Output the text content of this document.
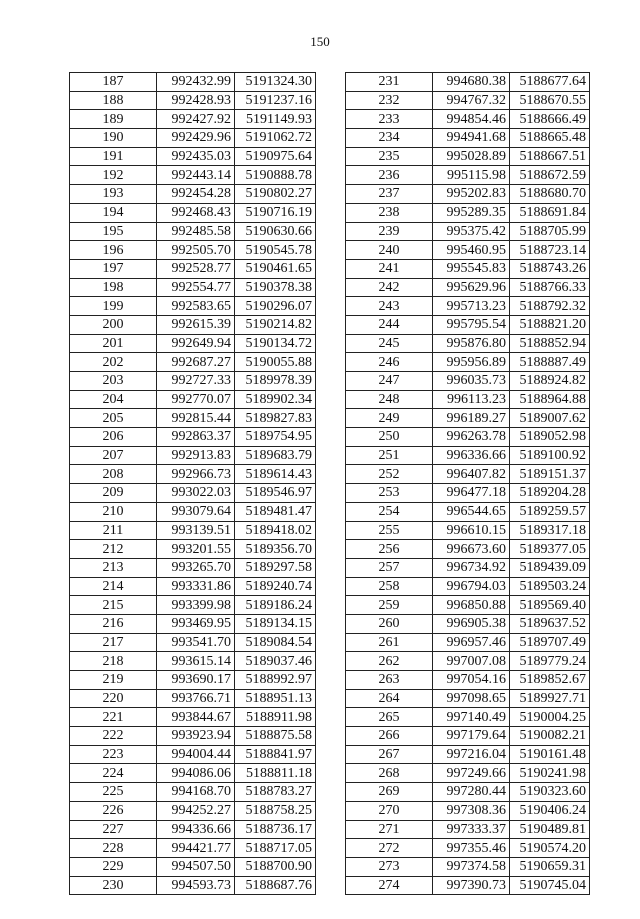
150
187	992432.99	5191324.30
188	992428.93	5191237.16
189	992427.92	5191149.93
190	992429.96	5191062.72
191	992435.03	5190975.64
192	992443.14	5190888.78
193	992454.28	5190802.27
194	992468.43	5190716.19
195	992485.58	5190630.66
196	992505.70	5190545.78
197	992528.77	5190461.65
198	992554.77	5190378.38
199	992583.65	5190296.07
200	992615.39	5190214.82
201	992649.94	5190134.72
202	992687.27	5190055.88
203	992727.33	5189978.39
204	992770.07	5189902.34
205	992815.44	5189827.83
206	992863.37	5189754.95
207	992913.83	5189683.79
208	992966.73	5189614.43
209	993022.03	5189546.97
210	993079.64	5189481.47
211	993139.51	5189418.02
212	993201.55	5189356.70
213	993265.70	5189297.58
214	993331.86	5189240.74
215	993399.98	5189186.24
216	993469.95	5189134.15
217	993541.70	5189084.54
218	993615.14	5189037.46
219	993690.17	5188992.97
220	993766.71	5188951.13
221	993844.67	5188911.98
222	993923.94	5188875.58
223	994004.44	5188841.97
224	994086.06	5188811.18
225	994168.70	5188783.27
226	994252.27	5188758.25
227	994336.66	5188736.17
228	994421.77	5188717.05
229	994507.50	5188700.90
230	994593.73	5188687.76
231	994680.38	5188677.64
232	994767.32	5188670.55
233	994854.46	5188666.49
234	994941.68	5188665.48
235	995028.89	5188667.51
236	995115.98	5188672.59
237	995202.83	5188680.70
238	995289.35	5188691.84
239	995375.42	5188705.99
240	995460.95	5188723.14
241	995545.83	5188743.26
242	995629.96	5188766.33
243	995713.23	5188792.32
244	995795.54	5188821.20
245	995876.80	5188852.94
246	995956.89	5188887.49
247	996035.73	5188924.82
248	996113.23	5188964.88
249	996189.27	5189007.62
250	996263.78	5189052.98
251	996336.66	5189100.92
252	996407.82	5189151.37
253	996477.18	5189204.28
254	996544.65	5189259.57
255	996610.15	5189317.18
256	996673.60	5189377.05
257	996734.92	5189439.09
258	996794.03	5189503.24
259	996850.88	5189569.40
260	996905.38	5189637.52
261	996957.46	5189707.49
262	997007.08	5189779.24
263	997054.16	5189852.67
264	997098.65	5189927.71
265	997140.49	5190004.25
266	997179.64	5190082.21
267	997216.04	5190161.48
268	997249.66	5190241.98
269	997280.44	5190323.60
270	997308.36	5190406.24
271	997333.37	5190489.81
272	997355.46	5190574.20
273	997374.58	5190659.31
274	997390.73	5190745.04
